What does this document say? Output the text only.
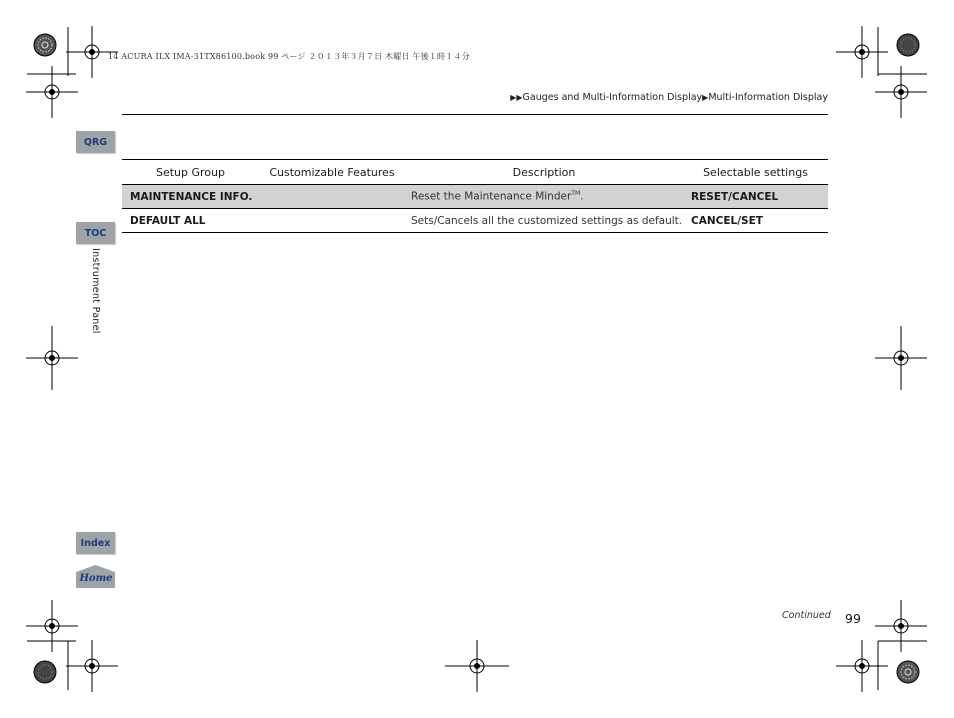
14 ACURA ILX IMA-31TX86100.book 99 ページ ２０１３年３月７日 木曜日 午後１時１４分
▶▶Gauges and Multi-Information Display▶Multi-Information Display
QRG
TOC
Instrument Panel
Index
Home
Setup Group	Customizable Features	Description	Selectable settings
MAINTENANCE INFO.		Reset the Maintenance Minder™.	RESET/CANCEL
DEFAULT ALL		Sets/Cancels all the customized settings as default.	CANCEL/SET
Continued 99
